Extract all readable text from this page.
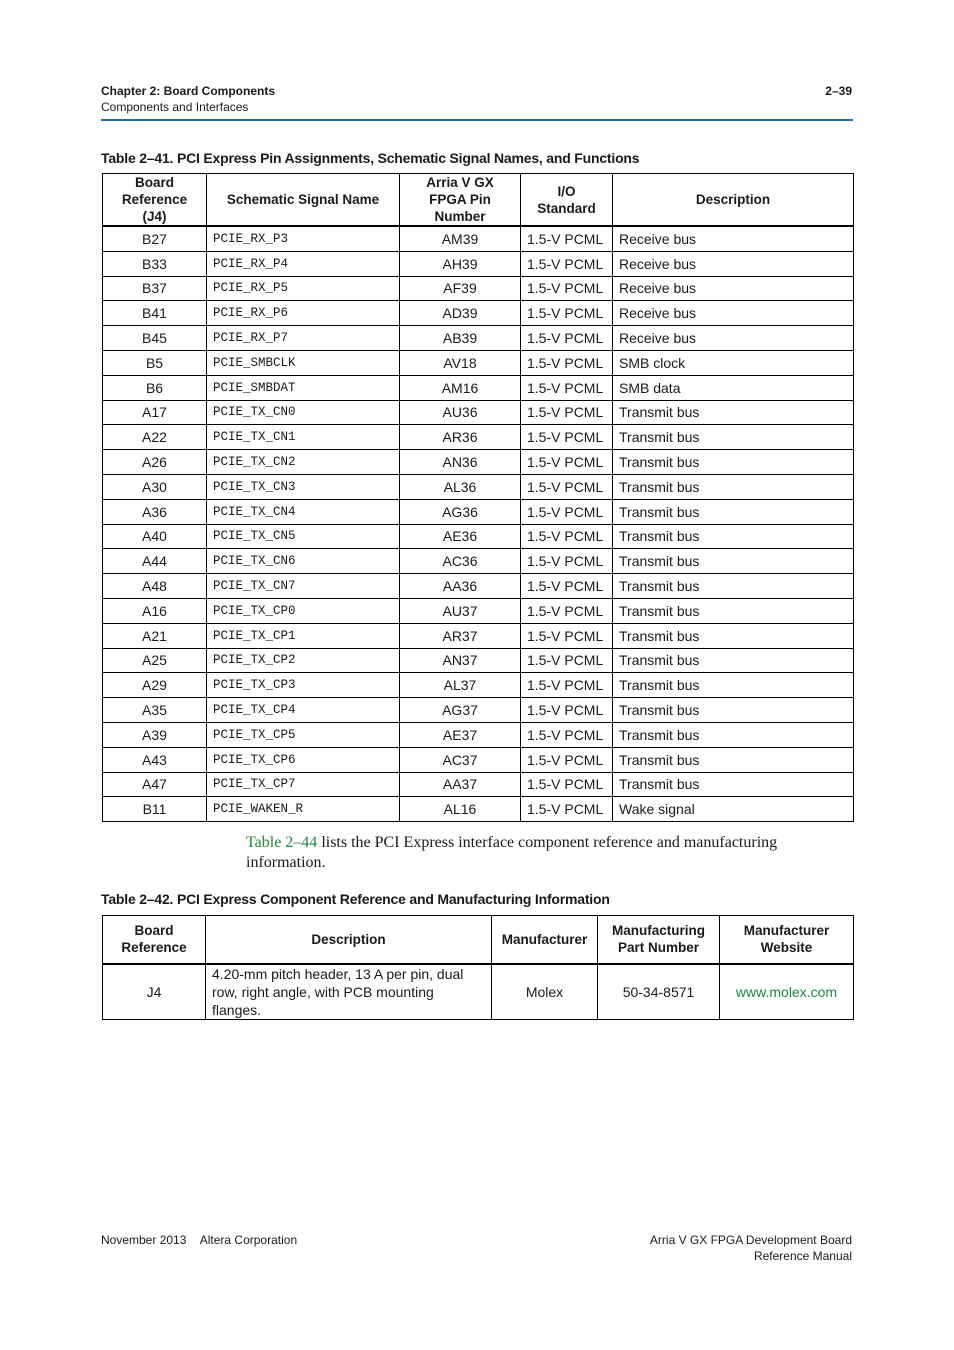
Chapter 2: Board Components
Components and Interfaces
2–39
Table 2–41. PCI Express Pin Assignments, Schematic Signal Names, and Functions
Board Reference (J4)	Schematic Signal Name	Arria V GX FPGA Pin Number	I/O Standard	Description
B27	PCIE_RX_P3	AM39	1.5-V PCML	Receive bus
B33	PCIE_RX_P4	AH39	1.5-V PCML	Receive bus
B37	PCIE_RX_P5	AF39	1.5-V PCML	Receive bus
B41	PCIE_RX_P6	AD39	1.5-V PCML	Receive bus
B45	PCIE_RX_P7	AB39	1.5-V PCML	Receive bus
B5	PCIE_SMBCLK	AV18	1.5-V PCML	SMB clock
B6	PCIE_SMBDAT	AM16	1.5-V PCML	SMB data
A17	PCIE_TX_CN0	AU36	1.5-V PCML	Transmit bus
A22	PCIE_TX_CN1	AR36	1.5-V PCML	Transmit bus
A26	PCIE_TX_CN2	AN36	1.5-V PCML	Transmit bus
A30	PCIE_TX_CN3	AL36	1.5-V PCML	Transmit bus
A36	PCIE_TX_CN4	AG36	1.5-V PCML	Transmit bus
A40	PCIE_TX_CN5	AE36	1.5-V PCML	Transmit bus
A44	PCIE_TX_CN6	AC36	1.5-V PCML	Transmit bus
A48	PCIE_TX_CN7	AA36	1.5-V PCML	Transmit bus
A16	PCIE_TX_CP0	AU37	1.5-V PCML	Transmit bus
A21	PCIE_TX_CP1	AR37	1.5-V PCML	Transmit bus
A25	PCIE_TX_CP2	AN37	1.5-V PCML	Transmit bus
A29	PCIE_TX_CP3	AL37	1.5-V PCML	Transmit bus
A35	PCIE_TX_CP4	AG37	1.5-V PCML	Transmit bus
A39	PCIE_TX_CP5	AE37	1.5-V PCML	Transmit bus
A43	PCIE_TX_CP6	AC37	1.5-V PCML	Transmit bus
A47	PCIE_TX_CP7	AA37	1.5-V PCML	Transmit bus
B11	PCIE_WAKEN_R	AL16	1.5-V PCML	Wake signal
Table 2–44 lists the PCI Express interface component reference and manufacturing information.
Table 2–42. PCI Express Component Reference and Manufacturing Information
Board Reference	Description	Manufacturer	Manufacturing Part Number	Manufacturer Website
J4	4.20-mm pitch header, 13 A per pin, dual row, right angle, with PCB mounting flanges.	Molex	50-34-8571	www.molex.com
November 2013 Altera Corporation	Arria V GX FPGA Development Board
Reference Manual
